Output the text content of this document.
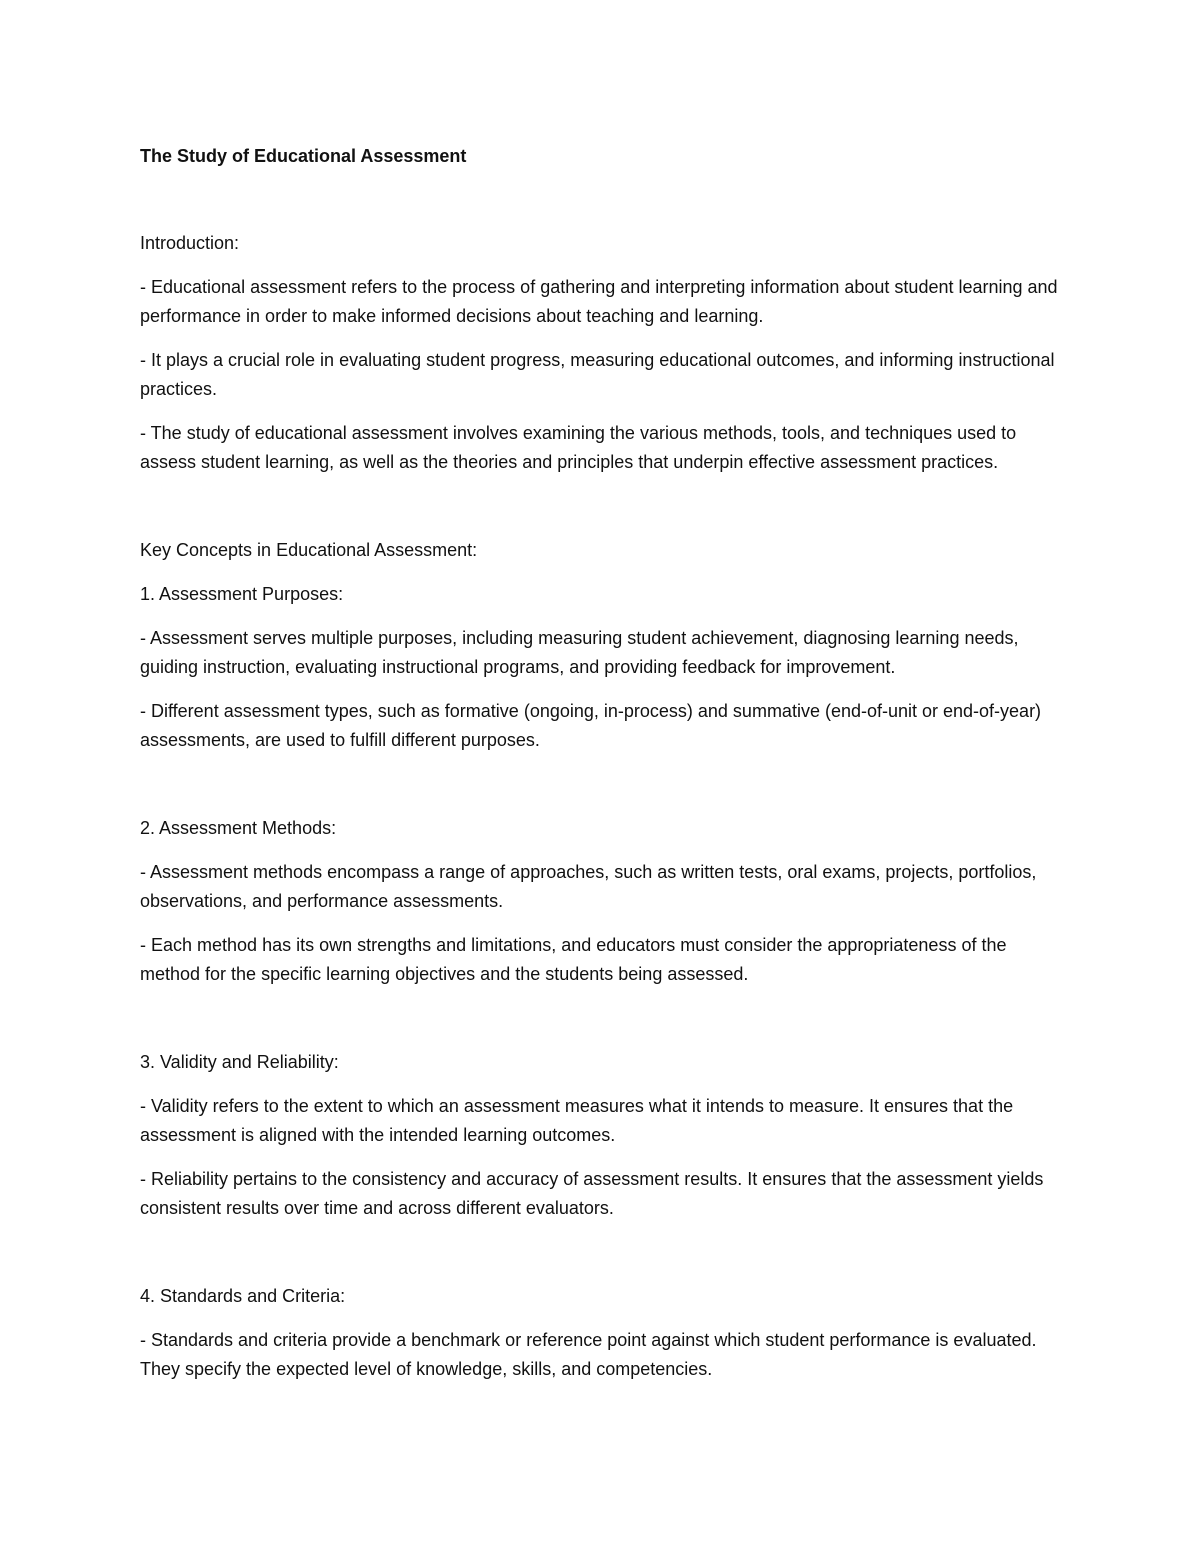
The Study of Educational Assessment
Introduction:
- Educational assessment refers to the process of gathering and interpreting information about student learning and performance in order to make informed decisions about teaching and learning.
- It plays a crucial role in evaluating student progress, measuring educational outcomes, and informing instructional practices.
- The study of educational assessment involves examining the various methods, tools, and techniques used to assess student learning, as well as the theories and principles that underpin effective assessment practices.
Key Concepts in Educational Assessment:
1. Assessment Purposes:
- Assessment serves multiple purposes, including measuring student achievement, diagnosing learning needs, guiding instruction, evaluating instructional programs, and providing feedback for improvement.
- Different assessment types, such as formative (ongoing, in-process) and summative (end-of-unit or end-of-year) assessments, are used to fulfill different purposes.
2. Assessment Methods:
- Assessment methods encompass a range of approaches, such as written tests, oral exams, projects, portfolios, observations, and performance assessments.
- Each method has its own strengths and limitations, and educators must consider the appropriateness of the method for the specific learning objectives and the students being assessed.
3. Validity and Reliability:
- Validity refers to the extent to which an assessment measures what it intends to measure. It ensures that the assessment is aligned with the intended learning outcomes.
- Reliability pertains to the consistency and accuracy of assessment results. It ensures that the assessment yields consistent results over time and across different evaluators.
4. Standards and Criteria:
- Standards and criteria provide a benchmark or reference point against which student performance is evaluated. They specify the expected level of knowledge, skills, and competencies.
